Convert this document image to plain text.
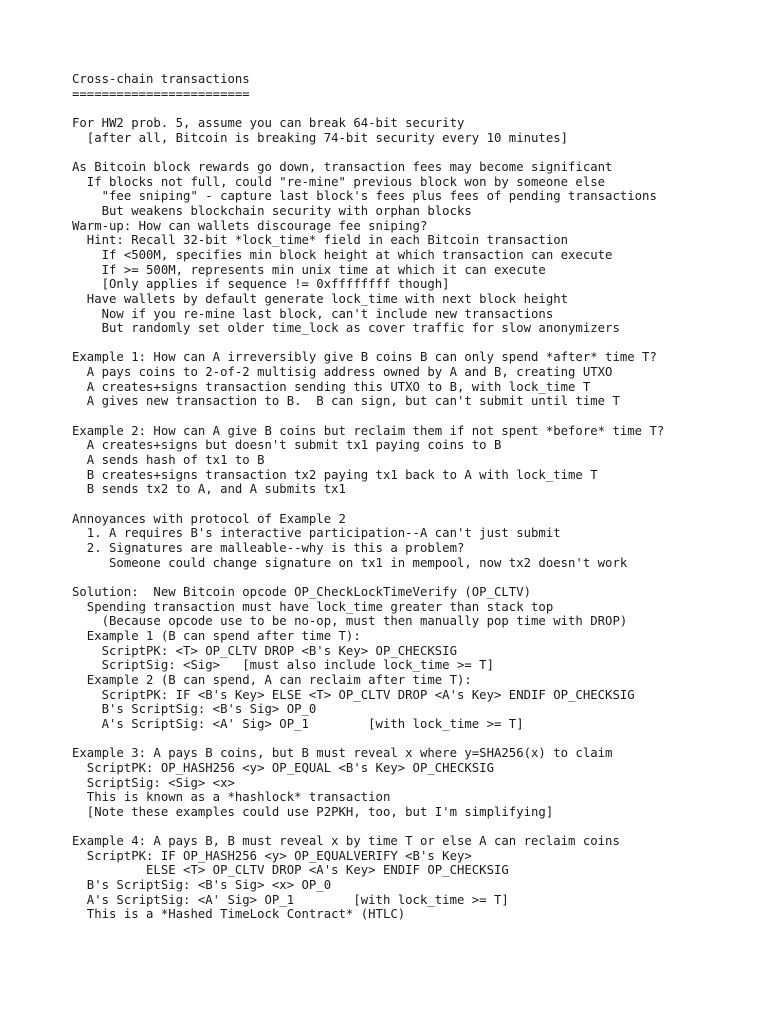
Cross-chain transactions
========================
For HW2 prob. 5, assume you can break 64-bit security
[after all, Bitcoin is breaking 74-bit security every 10 minutes]
As Bitcoin block rewards go down, transaction fees may become significant
If blocks not full, could "re-mine" previous block won by someone else
"fee sniping" - capture last block's fees plus fees of pending transactions
But weakens blockchain security with orphan blocks
Warm-up: How can wallets discourage fee sniping?
Hint: Recall 32-bit *lock_time* field in each Bitcoin transaction
If <500M, specifies min block height at which transaction can execute
If >= 500M, represents min unix time at which it can execute
[Only applies if sequence != 0xffffffff though]
Have wallets by default generate lock_time with next block height
Now if you re-mine last block, can't include new transactions
But randomly set older time_lock as cover traffic for slow anonymizers
Example 1: How can A irreversibly give B coins B can only spend *after* time T?
A pays coins to 2-of-2 multisig address owned by A and B, creating UTXO
A creates+signs transaction sending this UTXO to B, with lock_time T
A gives new transaction to B.  B can sign, but can't submit until time T
Example 2: How can A give B coins but reclaim them if not spent *before* time T?
A creates+signs but doesn't submit tx1 paying coins to B
A sends hash of tx1 to B
B creates+signs transaction tx2 paying tx1 back to A with lock_time T
B sends tx2 to A, and A submits tx1
Annoyances with protocol of Example 2
1. A requires B's interactive participation--A can't just submit
2. Signatures are malleable--why is this a problem?
Someone could change signature on tx1 in mempool, now tx2 doesn't work
Solution:  New Bitcoin opcode OP_CheckLockTimeVerify (OP_CLTV)
Spending transaction must have lock_time greater than stack top
(Because opcode use to be no-op, must then manually pop time with DROP)
Example 1 (B can spend after time T):
ScriptPK: <T> OP_CLTV DROP <B's Key> OP_CHECKSIG
ScriptSig: <Sig>   [must also include lock_time >= T]
Example 2 (B can spend, A can reclaim after time T):
ScriptPK: IF <B's Key> ELSE <T> OP_CLTV DROP <A's Key> ENDIF OP_CHECKSIG
B's ScriptSig: <B's Sig> OP_0
A's ScriptSig: <A' Sig> OP_1        [with lock_time >= T]
Example 3: A pays B coins, but B must reveal x where y=SHA256(x) to claim
ScriptPK: OP_HASH256 <y> OP_EQUAL <B's Key> OP_CHECKSIG
ScriptSig: <Sig> <x>
This is known as a *hashlock* transaction
[Note these examples could use P2PKH, too, but I'm simplifying]
Example 4: A pays B, B must reveal x by time T or else A can reclaim coins
ScriptPK: IF OP_HASH256 <y> OP_EQUALVERIFY <B's Key>
ELSE <T> OP_CLTV DROP <A's Key> ENDIF OP_CHECKSIG
B's ScriptSig: <B's Sig> <x> OP_0
A's ScriptSig: <A' Sig> OP_1        [with lock_time >= T]
This is a *Hashed TimeLock Contract* (HTLC)
